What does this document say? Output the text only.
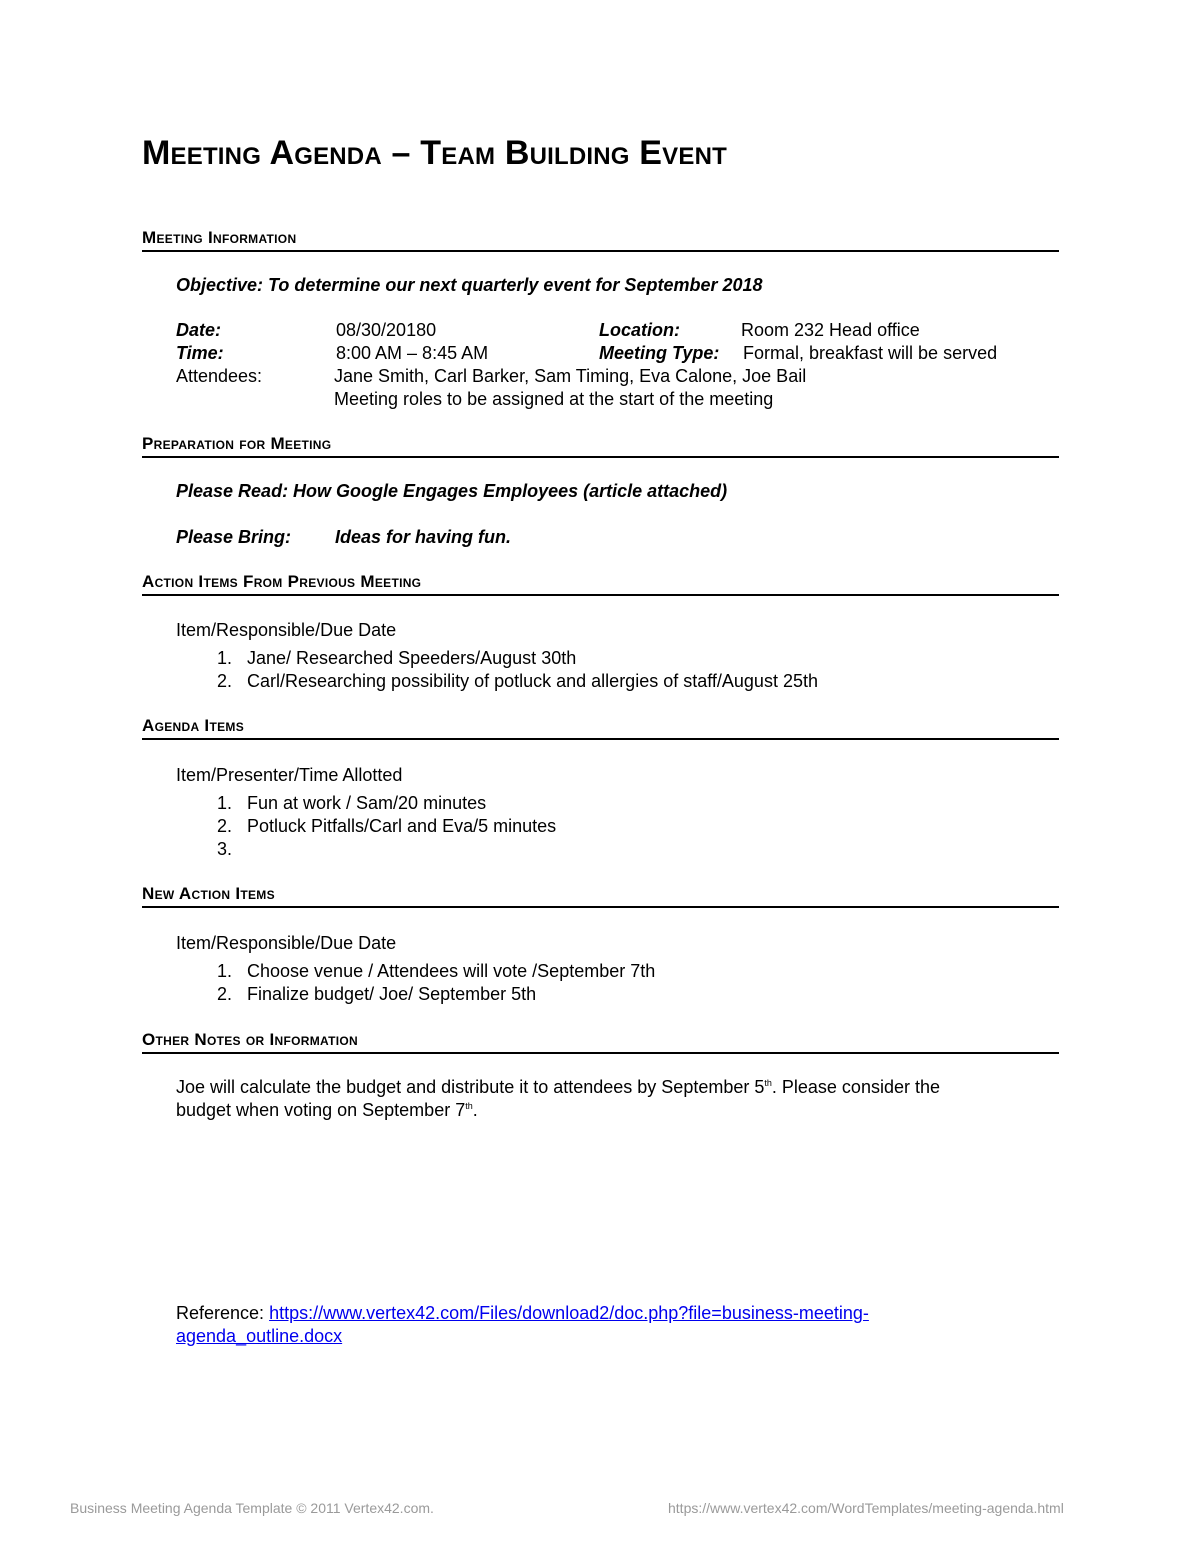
Meeting Agenda – Team Building Event
Meeting Information
Objective: To determine our next quarterly event for September 2018
Date:	08/30/20180	Location:	Room 232 Head office
Time:	8:00 AM – 8:45 AM	Meeting Type: Formal, breakfast will be served
Attendees:	Jane Smith, Carl Barker, Sam Timing, Eva Calone, Joe Bail
Meeting roles to be assigned at the start of the meeting
Preparation for Meeting
Please Read: How Google Engages Employees (article attached)
Please Bring: Ideas for having fun.
Action Items From Previous Meeting
Item/Responsible/Due Date
1. Jane/ Researched Speeders/August 30th
2. Carl/Researching possibility of potluck and allergies of staff/August 25th
Agenda Items
Item/Presenter/Time Allotted
1. Fun at work / Sam/20 minutes
2. Potluck Pitfalls/Carl and Eva/5 minutes
3.
New Action Items
Item/Responsible/Due Date
1. Choose venue / Attendees will vote /September 7th
2. Finalize budget/ Joe/ September 5th
Other Notes or Information
Joe will calculate the budget and distribute it to attendees by September 5th. Please consider the
budget when voting on September 7th.
Reference: https://www.vertex42.com/Files/download2/doc.php?file=business-meeting-
agenda_outline.docx
Business Meeting Agenda Template © 2011 Vertex42.com.	https://www.vertex42.com/WordTemplates/meeting-agenda.html
